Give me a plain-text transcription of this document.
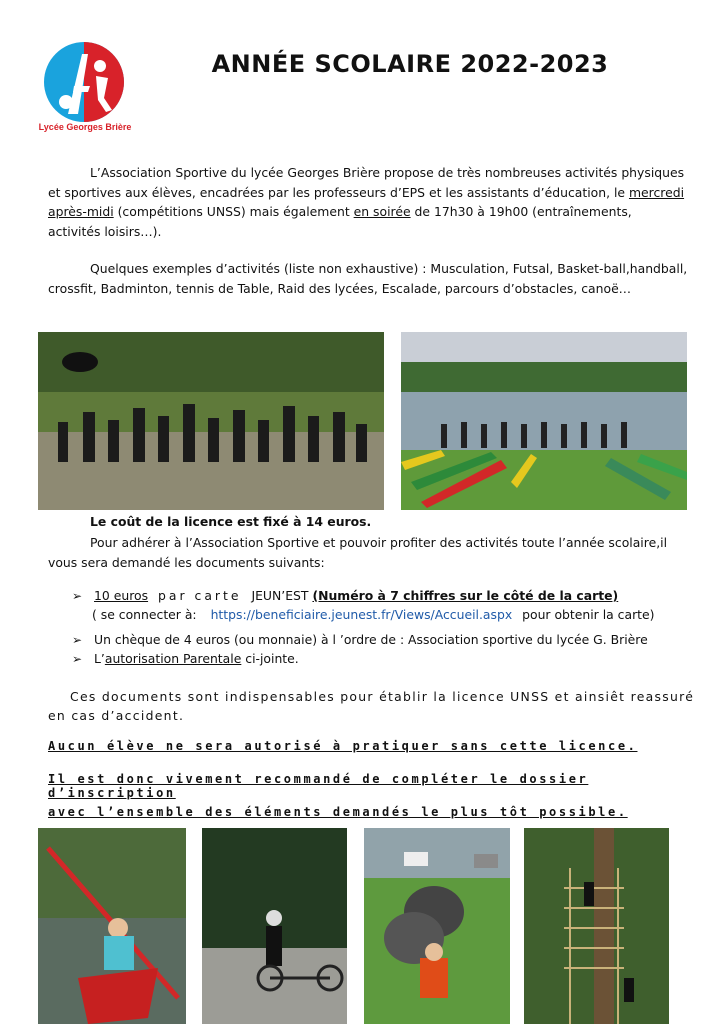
Lycée Georges Brière
ANNÉE SCOLAIRE 2022-2023
L’Association Sportive du lycée Georges Brière propose de très nombreuses activités physiques et sportives aux élèves, encadrées par les professeurs d’EPS et les assistants d’éducation, le mercredi après-midi (compétitions UNSS) mais également en soirée de 17h30 à 19h00 (entraînements, activités loisirs…).
Quelques exemples d’activités (liste non exhaustive) : Musculation, Futsal, Basket-ball,handball, crossfit, Badminton, tennis de Table, Raid des lycées, Escalade, parcours d’obstacles, canoë…
Le coût de la licence est fixé à 14 euros.
Pour adhérer à l’Association Sportive et pouvoir profiter des activités toute l’année scolaire,il vous sera demandé les documents suivants:
➢ 10 euros par carte JEUN’EST (Numéro à 7 chiffres sur le côté de la carte)
( se connecter à: https://beneficiaire.jeunest.fr/Views/Accueil.aspx pour obtenir la carte)
➢ Un chèque de 4 euros (ou monnaie) à l ’ordre de : Association sportive du lycée G. Brière
➢ L’autorisation Parentale ci-jointe.
Ces documents sont indispensables pour établir la licence UNSS et ainsiêt reassuré en cas d’accident.
Aucun élève ne sera autorisé à pratiquer sans cette licence.
Il est donc vivement recommandé de compléter le dossier d’inscription
avec l’ensemble des éléments demandés le plus tôt possible.
